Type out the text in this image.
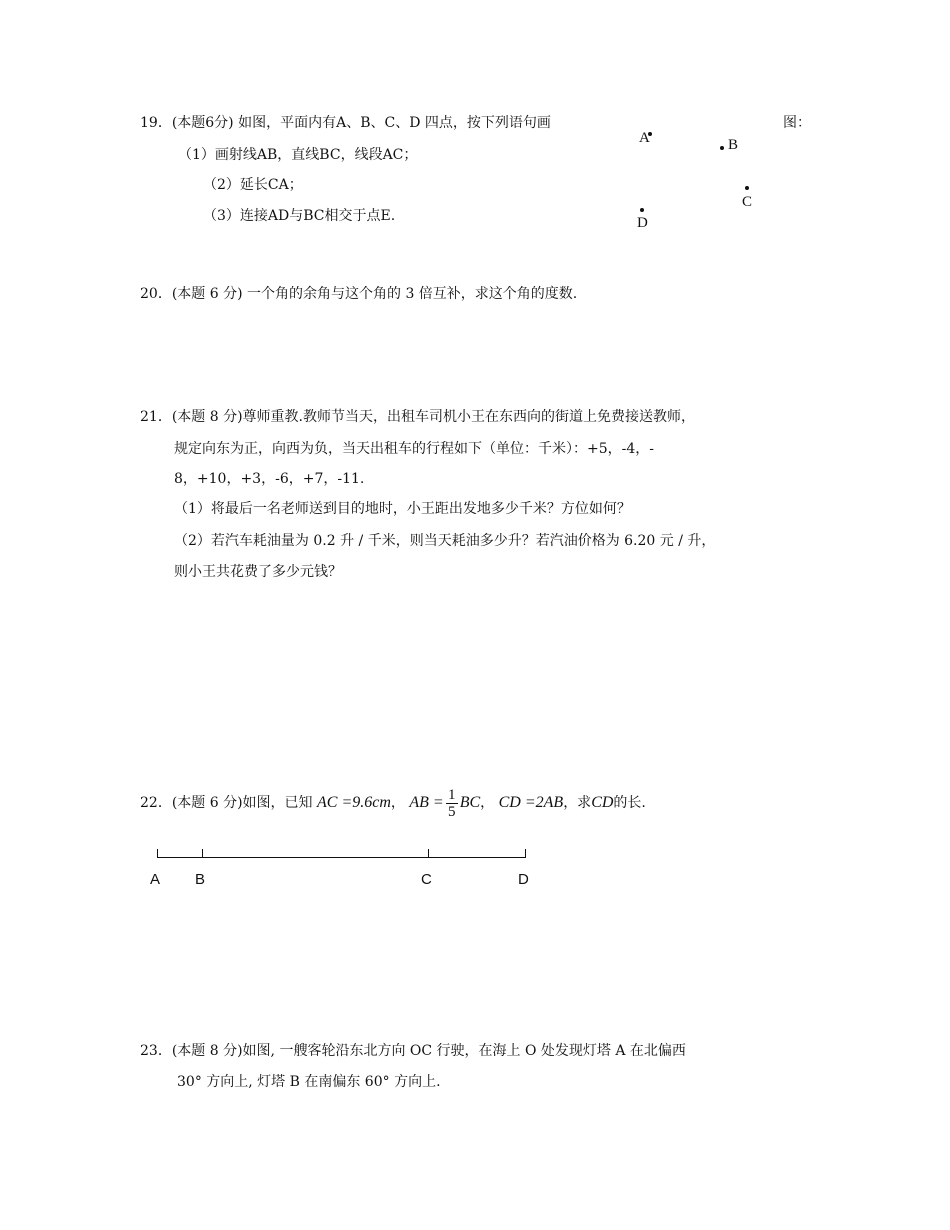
19．(本题6分) 如图，平面内有A、B、C、D 四点，按下列语句画	图：
（1）画射线AB，直线BC，线段AC；
（2）延长CA；
（3）连接AD与BC相交于点E.
A	B
C
D
20．(本题 6 分) 一个角的余角与这个角的 3 倍互补，求这个角的度数.
21．(本题 8 分)尊师重教.教师节当天，出租车司机小王在东西向的街道上免费接送教师，
规定向东为正，向西为负，当天出租车的行程如下（单位：千米）：+5，-4，-
8，+10，+3，-6，+7，-11.
（1）将最后一名老师送到目的地时，小王距出发地多少千米？方位如何？
（2）若汽车耗油量为 0.2 升 / 千米，则当天耗油多少升？若汽油价格为 6.20 元 / 升，
则小王共花费了多少元钱？
22．(本题 6 分)如图，已知 AC =9.6cm， AB = $\frac{1}{5}$ BC， CD =2AB，求CD的长.
A B	C	D
23．(本题 8 分)如图, 一艘客轮沿东北方向 OC 行驶，在海上 O 处发现灯塔 A 在北偏西
30° 方向上, 灯塔 B 在南偏东 60° 方向上.
